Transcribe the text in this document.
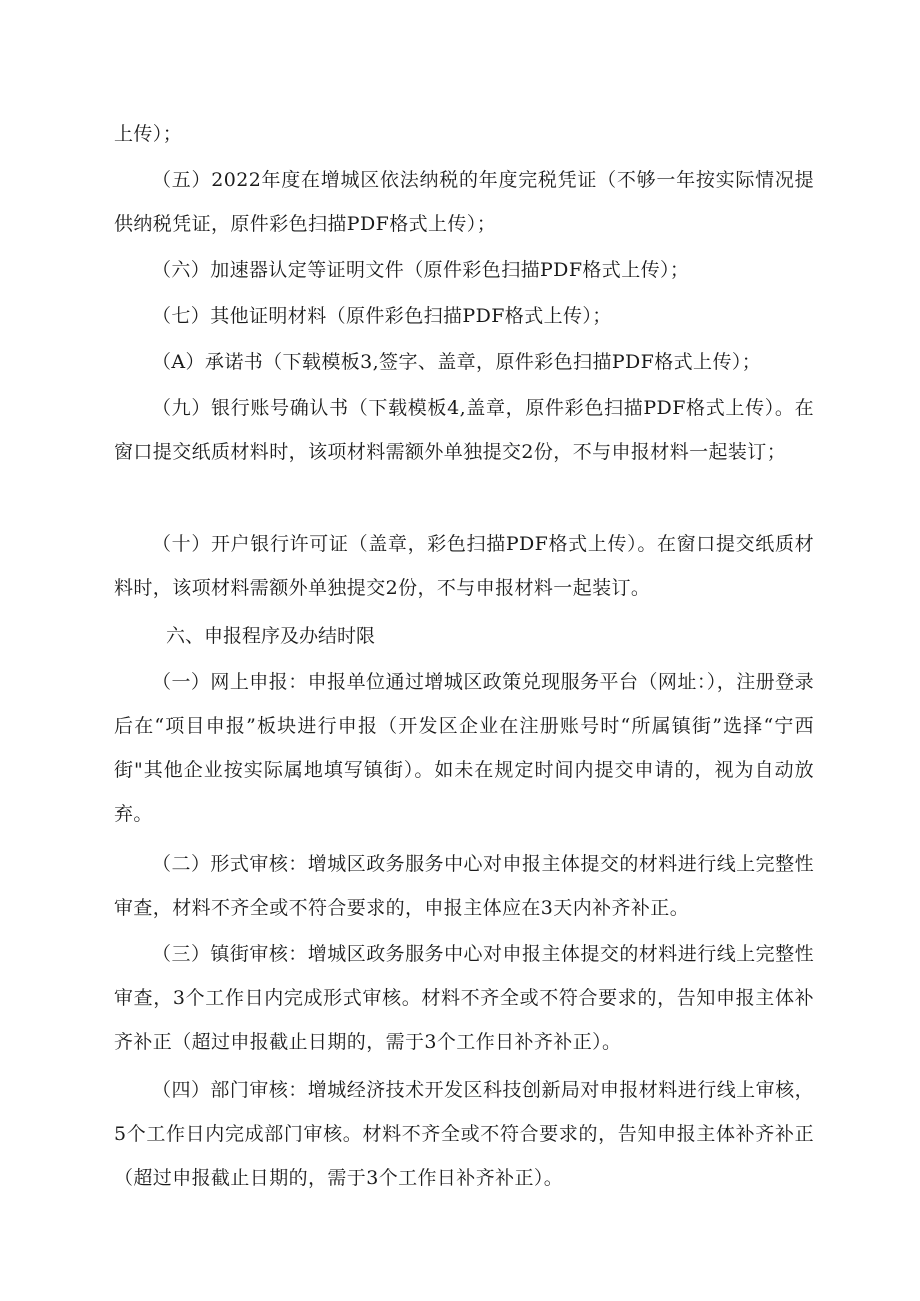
上传）；

（五）2022年度在增城区依法纳税的年度完税凭证（不够一年按实际情况提供纳税凭证，原件彩色扫描PDF格式上传）；

（六）加速器认定等证明文件（原件彩色扫描PDF格式上传）；

（七）其他证明材料（原件彩色扫描PDF格式上传）；

（A）承诺书（下载模板3,签字、盖章，原件彩色扫描PDF格式上传）；

（九）银行账号确认书（下载模板4,盖章，原件彩色扫描PDF格式上传）。在窗口提交纸质材料时，该项材料需额外单独提交2份，不与申报材料一起装订；

（十）开户银行许可证（盖章，彩色扫描PDF格式上传）。在窗口提交纸质材料时，该项材料需额外单独提交2份，不与申报材料一起装订。

六、申报程序及办结时限

（一）网上申报：申报单位通过增城区政策兑现服务平台（网址：），注册登录后在“项目申报”板块进行申报（开发区企业在注册账号时“所属镇街”选择“宁西街"其他企业按实际属地填写镇街）。如未在规定时间内提交申请的，视为自动放弃。

（二）形式审核：增城区政务服务中心对申报主体提交的材料进行线上完整性审查，材料不齐全或不符合要求的，申报主体应在3天内补齐补正。

（三）镇街审核：增城区政务服务中心对申报主体提交的材料进行线上完整性审查，3个工作日内完成形式审核。材料不齐全或不符合要求的，告知申报主体补齐补正（超过申报截止日期的，需于3个工作日补齐补正）。

（四）部门审核：增城经济技术开发区科技创新局对申报材料进行线上审核，5个工作日内完成部门审核。材料不齐全或不符合要求的，告知申报主体补齐补正（超过申报截止日期的，需于3个工作日补齐补正）。
